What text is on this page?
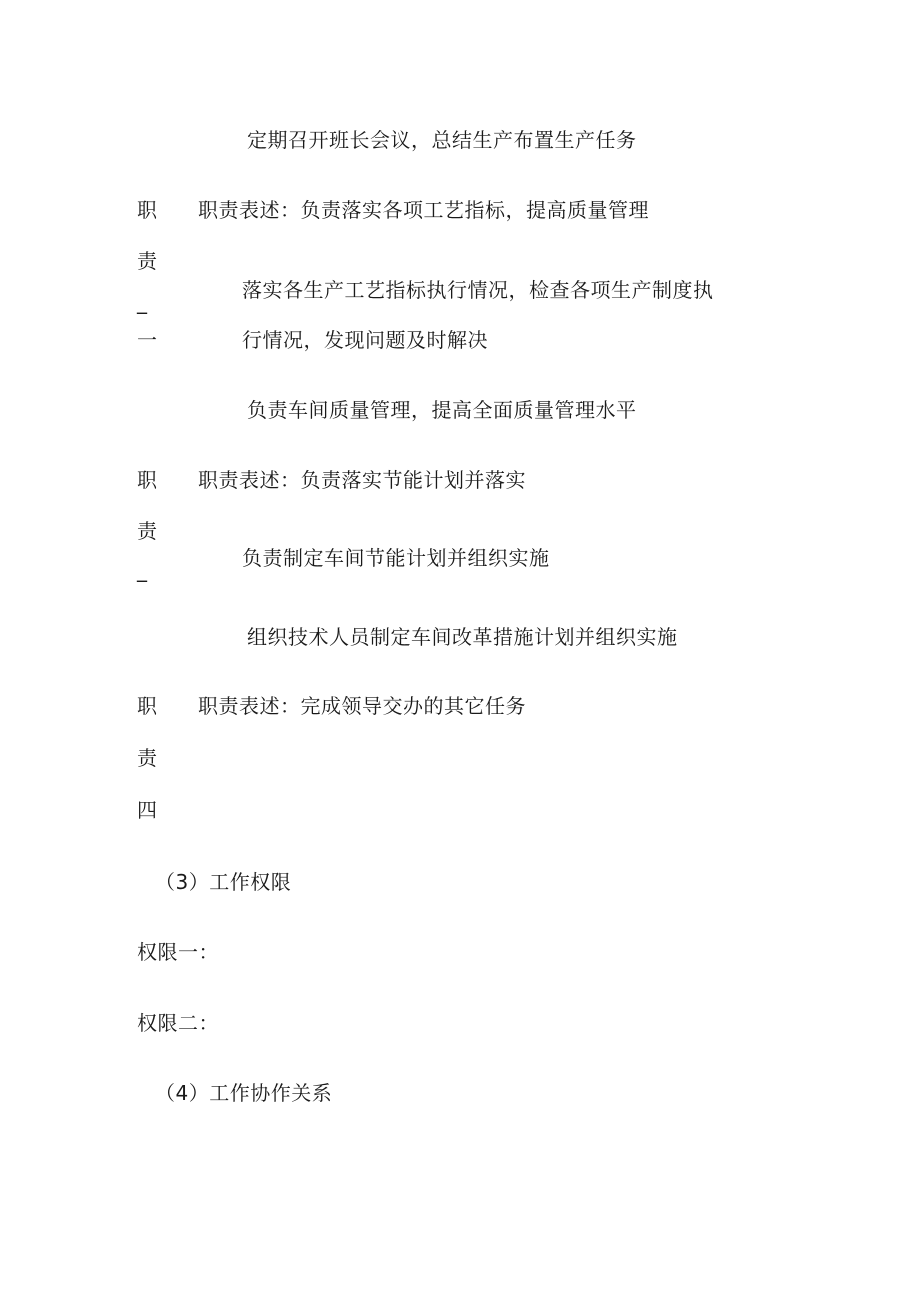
定期召开班长会议，总结生产布置生产任务
职
责
_
一
职责表述：负责落实各项工艺指标，提高质量管理
落实各生产工艺指标执行情况，检查各项生产制度执
行情况，发现问题及时解决
负责车间质量管理，提高全面质量管理水平
职
责
_
职责表述：负责落实节能计划并落实
负责制定车间节能计划并组织实施
组织技术人员制定车间改革措施计划并组织实施
职
责
四
职责表述：完成领导交办的其它任务
（3）工作权限
权限一：
权限二：
（4）工作协作关系
